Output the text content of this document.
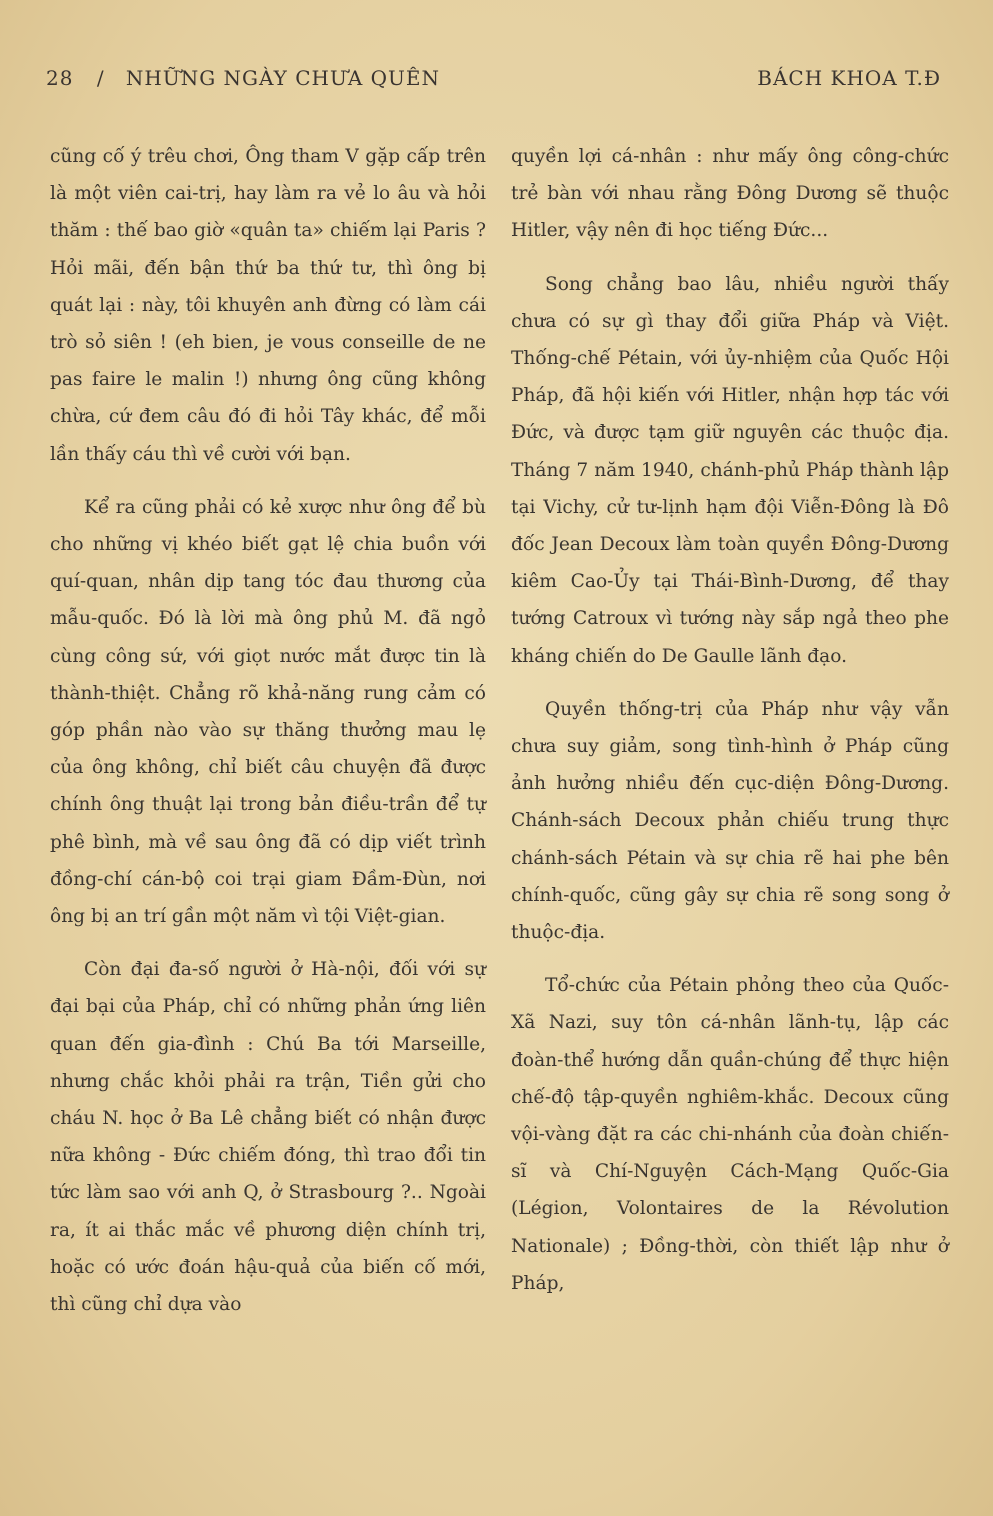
28 / NHỮNG NGÀY CHƯA QUÊN	BÁCH KHOA T.Đ

cũng cố ý trêu chơi, Ông tham V gặp cấp trên là một viên cai-trị, hay làm ra vẻ lo âu và hỏi thăm : thế bao giờ «quân ta» chiếm lại Paris ? Hỏi mãi, đến bận thứ ba thứ tư, thì ông bị quát lại : này, tôi khuyên anh đừng có làm cái trò sỏ siên ! (eh bien, je vous conseille de ne pas faire le malin !) nhưng ông cũng không chừa, cứ đem câu đó đi hỏi Tây khác, để mỗi lần thấy cáu thì về cười với bạn.

Kể ra cũng phải có kẻ xược như ông để bù cho những vị khéo biết gạt lệ chia buồn với quí-quan, nhân dịp tang tóc đau thương của mẫu-quốc. Đó là lời mà ông phủ M. đã ngỏ cùng công sứ, với giọt nước mắt được tin là thành-thiệt. Chẳng rõ khả-năng rung cảm có góp phần nào vào sự thăng thưởng mau lẹ của ông không, chỉ biết câu chuyện đã được chính ông thuật lại trong bản điều-trần để tự phê bình, mà về sau ông đã có dịp viết trình đồng-chí cán-bộ coi trại giam Đầm-Đùn, nơi ông bị an trí gần một năm vì tội Việt-gian.

Còn đại đa-số người ở Hà-nội, đối với sự đại bại của Pháp, chỉ có những phản ứng liên quan đến gia-đình : Chú Ba tới Marseille, nhưng chắc khỏi phải ra trận, Tiền gửi cho cháu N. học ở Ba Lê chẳng biết có nhận được nữa không - Đức chiếm đóng, thì trao đổi tin tức làm sao với anh Q, ở Strasbourg ?.. Ngoài ra, ít ai thắc mắc về phương diện chính trị, hoặc có ước đoán hậu-quả của biến cố mới, thì cũng chỉ dựa vào

quyền lợi cá-nhân : như mấy ông công-chức trẻ bàn với nhau rằng Đông Dương sẽ thuộc Hitler, vậy nên đi học tiếng Đức...

Song chẳng bao lâu, nhiều người thấy chưa có sự gì thay đổi giữa Pháp và Việt. Thống-chế Pétain, với ủy-nhiệm của Quốc Hội Pháp, đã hội kiến với Hitler, nhận hợp tác với Đức, và được tạm giữ nguyên các thuộc địa. Tháng 7 năm 1940, chánh-phủ Pháp thành lập tại Vichy, cử tư-lịnh hạm đội Viễn-Đông là Đô đốc Jean Decoux làm toàn quyền Đông-Dương kiêm Cao-Ủy tại Thái-Bình-Dương, để thay tướng Catroux vì tướng này sắp ngả theo phe kháng chiến do De Gaulle lãnh đạo.

Quyền thống-trị của Pháp như vậy vẫn chưa suy giảm, song tình-hình ở Pháp cũng ảnh hưởng nhiều đến cục-diện Đông-Dương. Chánh-sách Decoux phản chiếu trung thực chánh-sách Pétain và sự chia rẽ hai phe bên chính-quốc, cũng gây sự chia rẽ song song ở thuộc-địa.

Tổ-chức của Pétain phỏng theo của Quốc-Xã Nazi, suy tôn cá-nhân lãnh-tụ, lập các đoàn-thể hướng dẫn quần-chúng để thực hiện chế-độ tập-quyền nghiêm-khắc. Decoux cũng vội-vàng đặt ra các chi-nhánh của đoàn chiến-sĩ và Chí-Nguyện Cách-Mạng Quốc-Gia (Légion, Volontaires de la Révolution Nationale) ; Đồng-thời, còn thiết lập như ở Pháp,
